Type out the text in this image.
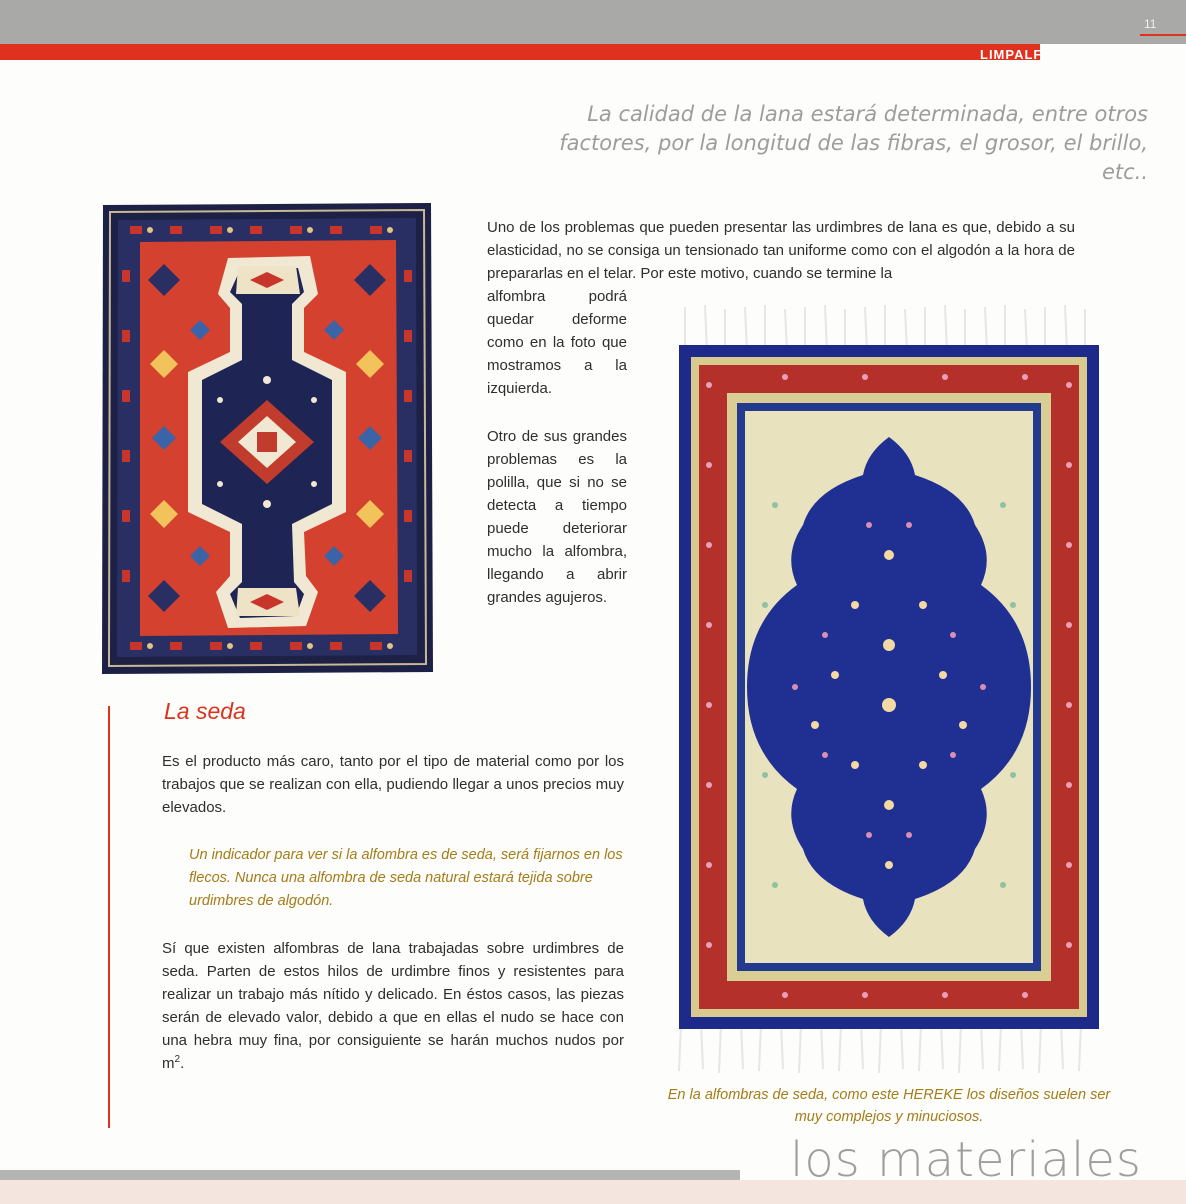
11
LIMPALF
La calidad de la lana estará determinada, entre otros factores, por la longitud de las fibras, el grosor, el brillo, etc..

Uno de los problemas que pueden presentar las urdimbres de lana es que, debido a su elasticidad, no se consiga un tensionado tan uniforme como con el algodón a la hora de prepararlas en el telar. Por este motivo, cuando se termine la

alfombra podrá quedar deforme como en la foto que mostramos a la izquierda.

Otro de sus grandes problemas es la polilla, que si no se detecta a tiempo puede deteriorar mucho la alfombra, llegando a abrir grandes agujeros.

La seda

Es el producto más caro, tanto por el tipo de material como por los trabajos que se realizan con ella, pudiendo llegar a unos precios muy elevados.

Un indicador para ver si la alfombra es de seda, será fijarnos en los flecos. Nunca una alfombra de seda natural estará tejida sobre urdimbres de algodón.

Sí que existen alfombras de lana trabajadas sobre urdimbres de seda. Parten de estos hilos de urdimbre finos y resistentes para realizar un trabajo más nítido y delicado. En éstos casos, las piezas serán de elevado valor, debido a que en ellas el nudo se hace con una hebra muy fina, por consiguiente se harán muchos nudos por $m^2$.

En la alfombras de seda, como este HEREKE los diseños suelen ser muy complejos y minuciosos.
los materiales
